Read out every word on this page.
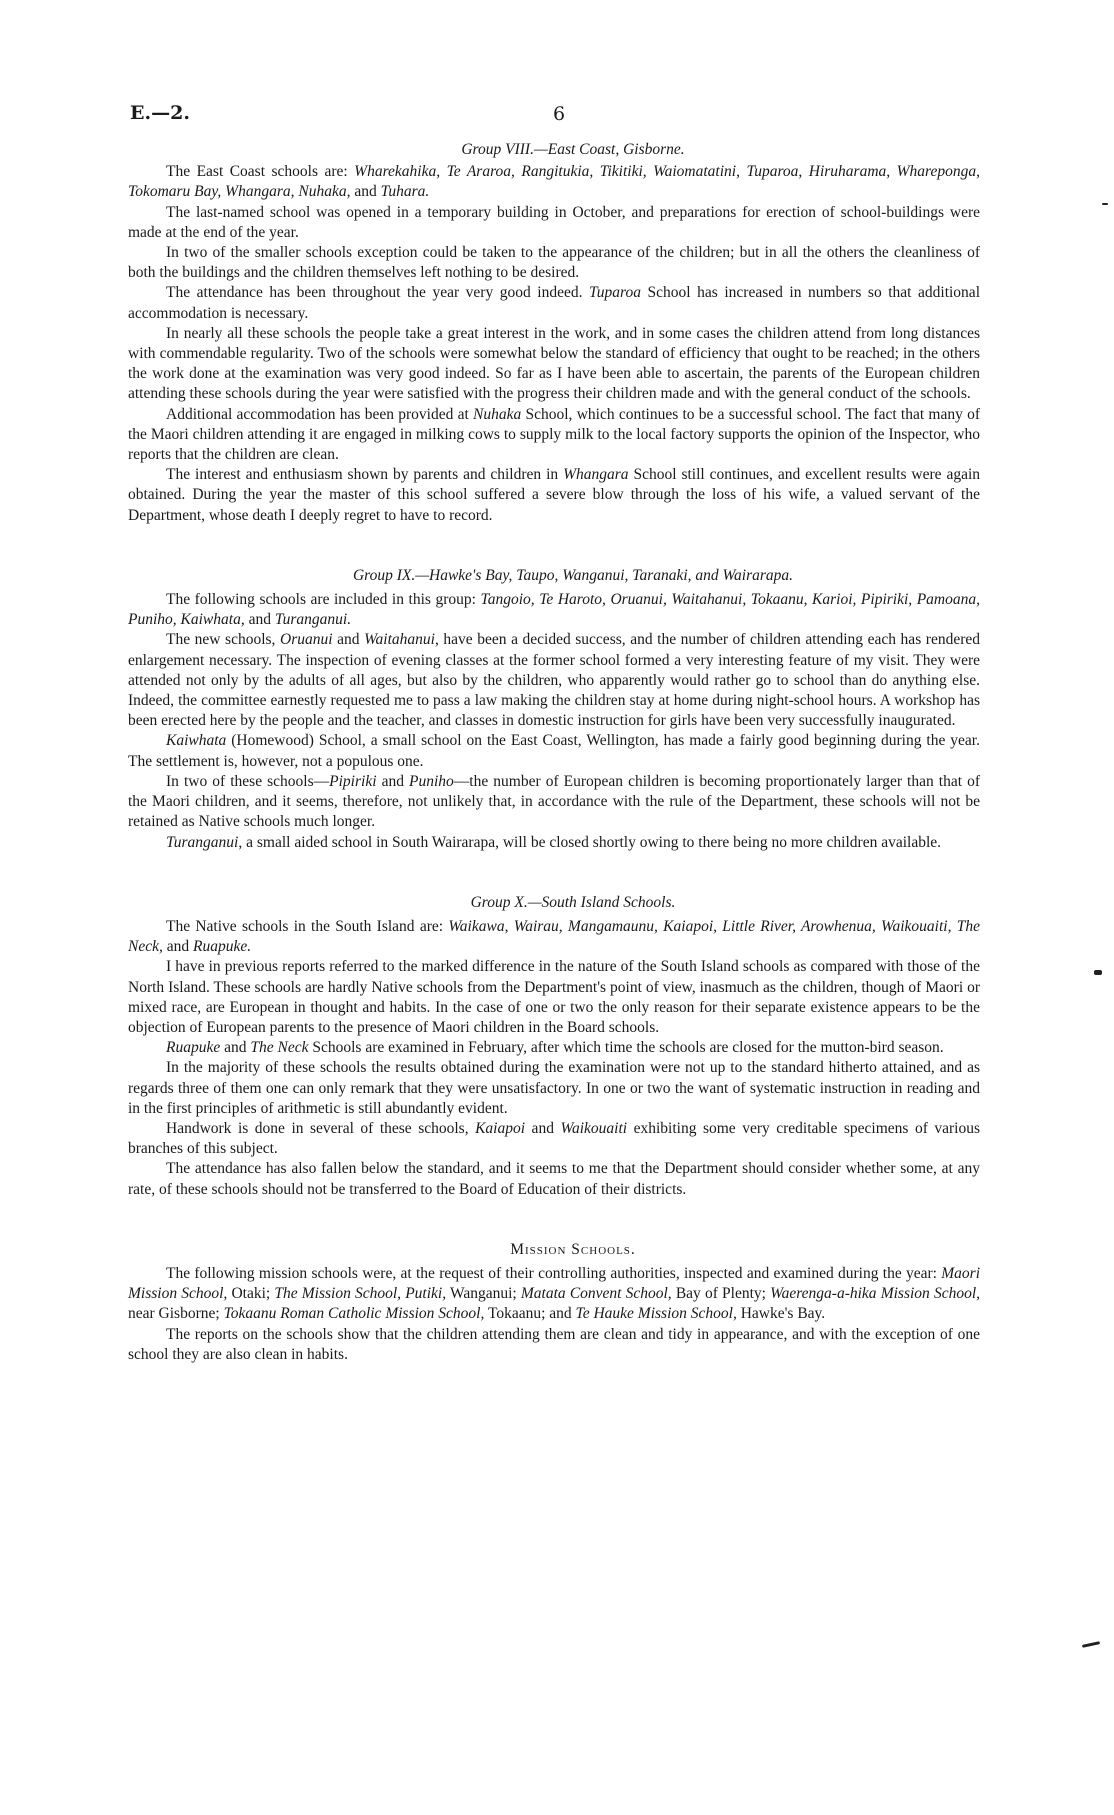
E.—2.	6

Group VIII.—East Coast, Gisborne.

The East Coast schools are: Wharekahika, Te Araroa, Rangitukia, Tikitiki, Waiomatatini, Tuparoa, Hiruharama, Whareponga, Tokomaru Bay, Whangara, Nuhaka, and Tuhara.

The last-named school was opened in a temporary building in October, and preparations for erection of school-buildings were made at the end of the year.

In two of the smaller schools exception could be taken to the appearance of the children; but in all the others the cleanliness of both the buildings and the children themselves left nothing to be desired.

The attendance has been throughout the year very good indeed. Tuparoa School has increased in numbers so that additional accommodation is necessary.

In nearly all these schools the people take a great interest in the work, and in some cases the children attend from long distances with commendable regularity. Two of the schools were somewhat below the standard of efficiency that ought to be reached; in the others the work done at the examination was very good indeed. So far as I have been able to ascertain, the parents of the European children attending these schools during the year were satisfied with the progress their children made and with the general conduct of the schools.

Additional accommodation has been provided at Nuhaka School, which continues to be a successful school. The fact that many of the Maori children attending it are engaged in milking cows to supply milk to the local factory supports the opinion of the Inspector, who reports that the children are clean.

The interest and enthusiasm shown by parents and children in Whangara School still continues, and excellent results were again obtained. During the year the master of this school suffered a severe blow through the loss of his wife, a valued servant of the Department, whose death I deeply regret to have to record.

Group IX.—Hawke's Bay, Taupo, Wanganui, Taranaki, and Wairarapa.

The following schools are included in this group: Tangoio, Te Haroto, Oruanui, Waitahanui, Tokaanu, Karioi, Pipiriki, Pamoana, Puniho, Kaiwhata, and Turanganui.

The new schools, Oruanui and Waitahanui, have been a decided success, and the number of children attending each has rendered enlargement necessary. The inspection of evening classes at the former school formed a very interesting feature of my visit. They were attended not only by the adults of all ages, but also by the children, who apparently would rather go to school than do anything else. Indeed, the committee earnestly requested me to pass a law making the children stay at home during night-school hours. A workshop has been erected here by the people and the teacher, and classes in domestic instruction for girls have been very successfully inaugurated.

Kaiwhata (Homewood) School, a small school on the East Coast, Wellington, has made a fairly good beginning during the year. The settlement is, however, not a populous one.

In two of these schools—Pipiriki and Puniho—the number of European children is becoming proportionately larger than that of the Maori children, and it seems, therefore, not unlikely that, in accordance with the rule of the Department, these schools will not be retained as Native schools much longer.

Turanganui, a small aided school in South Wairarapa, will be closed shortly owing to there being no more children available.

Group X.—South Island Schools.

The Native schools in the South Island are: Waikawa, Wairau, Mangamaunu, Kaiapoi, Little River, Arowhenua, Waikouaiti, The Neck, and Ruapuke.

I have in previous reports referred to the marked difference in the nature of the South Island schools as compared with those of the North Island. These schools are hardly Native schools from the Department's point of view, inasmuch as the children, though of Maori or mixed race, are European in thought and habits. In the case of one or two the only reason for their separate existence appears to be the objection of European parents to the presence of Maori children in the Board schools.

Ruapuke and The Neck Schools are examined in February, after which time the schools are closed for the mutton-bird season.

In the majority of these schools the results obtained during the examination were not up to the standard hitherto attained, and as regards three of them one can only remark that they were unsatisfactory. In one or two the want of systematic instruction in reading and in the first principles of arithmetic is still abundantly evident.

Handwork is done in several of these schools, Kaiapoi and Waikouaiti exhibiting some very creditable specimens of various branches of this subject.

The attendance has also fallen below the standard, and it seems to me that the Department should consider whether some, at any rate, of these schools should not be transferred to the Board of Education of their districts.

Mission Schools.

The following mission schools were, at the request of their controlling authorities, inspected and examined during the year: Maori Mission School, Otaki; The Mission School, Putiki, Wanganui; Matata Convent School, Bay of Plenty; Waerenga-a-hika Mission School, near Gisborne; Tokaanu Roman Catholic Mission School, Tokaanu; and Te Hauke Mission School, Hawke's Bay.

The reports on the schools show that the children attending them are clean and tidy in appearance, and with the exception of one school they are also clean in habits.
